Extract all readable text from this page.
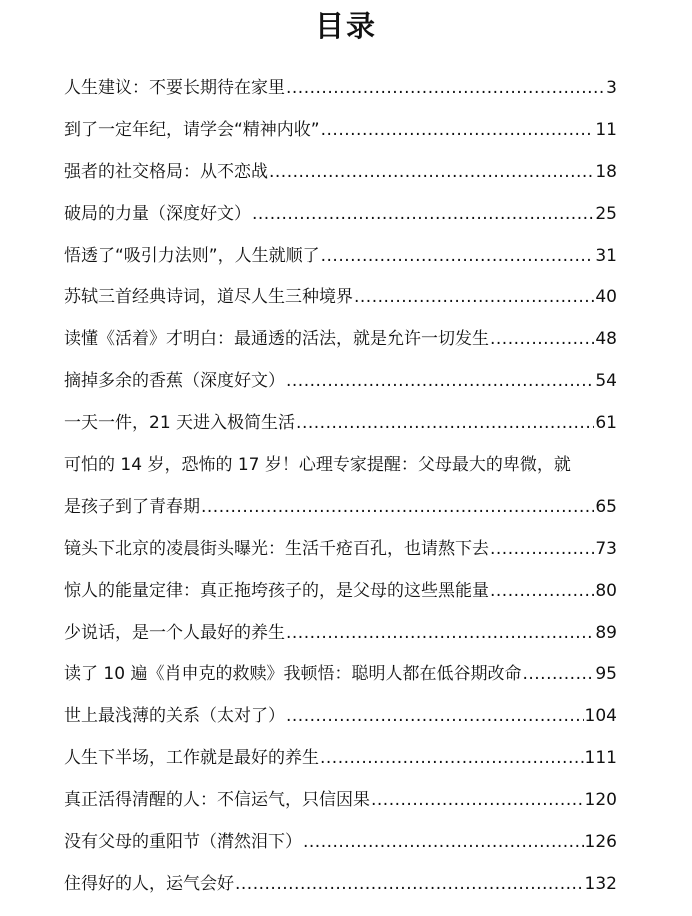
目录
人生建议：不要长期待在家里 .....	3
到了一定年纪，请学会“精神内收” .....	11
强者的社交格局：从不恋战 .....	18
破局的力量（深度好文） .....	25
悟透了“吸引力法则”，人生就顺了 .....	31
苏轼三首经典诗词，道尽人生三种境界 .....	40
读懂《活着》才明白：最通透的活法，就是允许一切发生 .....	48
摘掉多余的香蕉（深度好文） .....	54
一天一件，21 天进入极简生活 .....	61
可怕的 14 岁，恐怖的 17 岁！心理专家提醒：父母最大的卑微，就
是孩子到了青春期 .....	65
镜头下北京的凌晨街头曝光：生活千疮百孔，也请熬下去 .....	73
惊人的能量定律：真正拖垮孩子的，是父母的这些黑能量 .....	80
少说话，是一个人最好的养生 .....	89
读了 10 遍《肖申克的救赎》我顿悟：聪明人都在低谷期改命 .....	95
世上最浅薄的关系（太对了） .....	104
人生下半场，工作就是最好的养生 .....	111
真正活得清醒的人：不信运气，只信因果 .....	120
没有父母的重阳节（潸然泪下） .....	126
住得好的人，运气会好 .....	132
